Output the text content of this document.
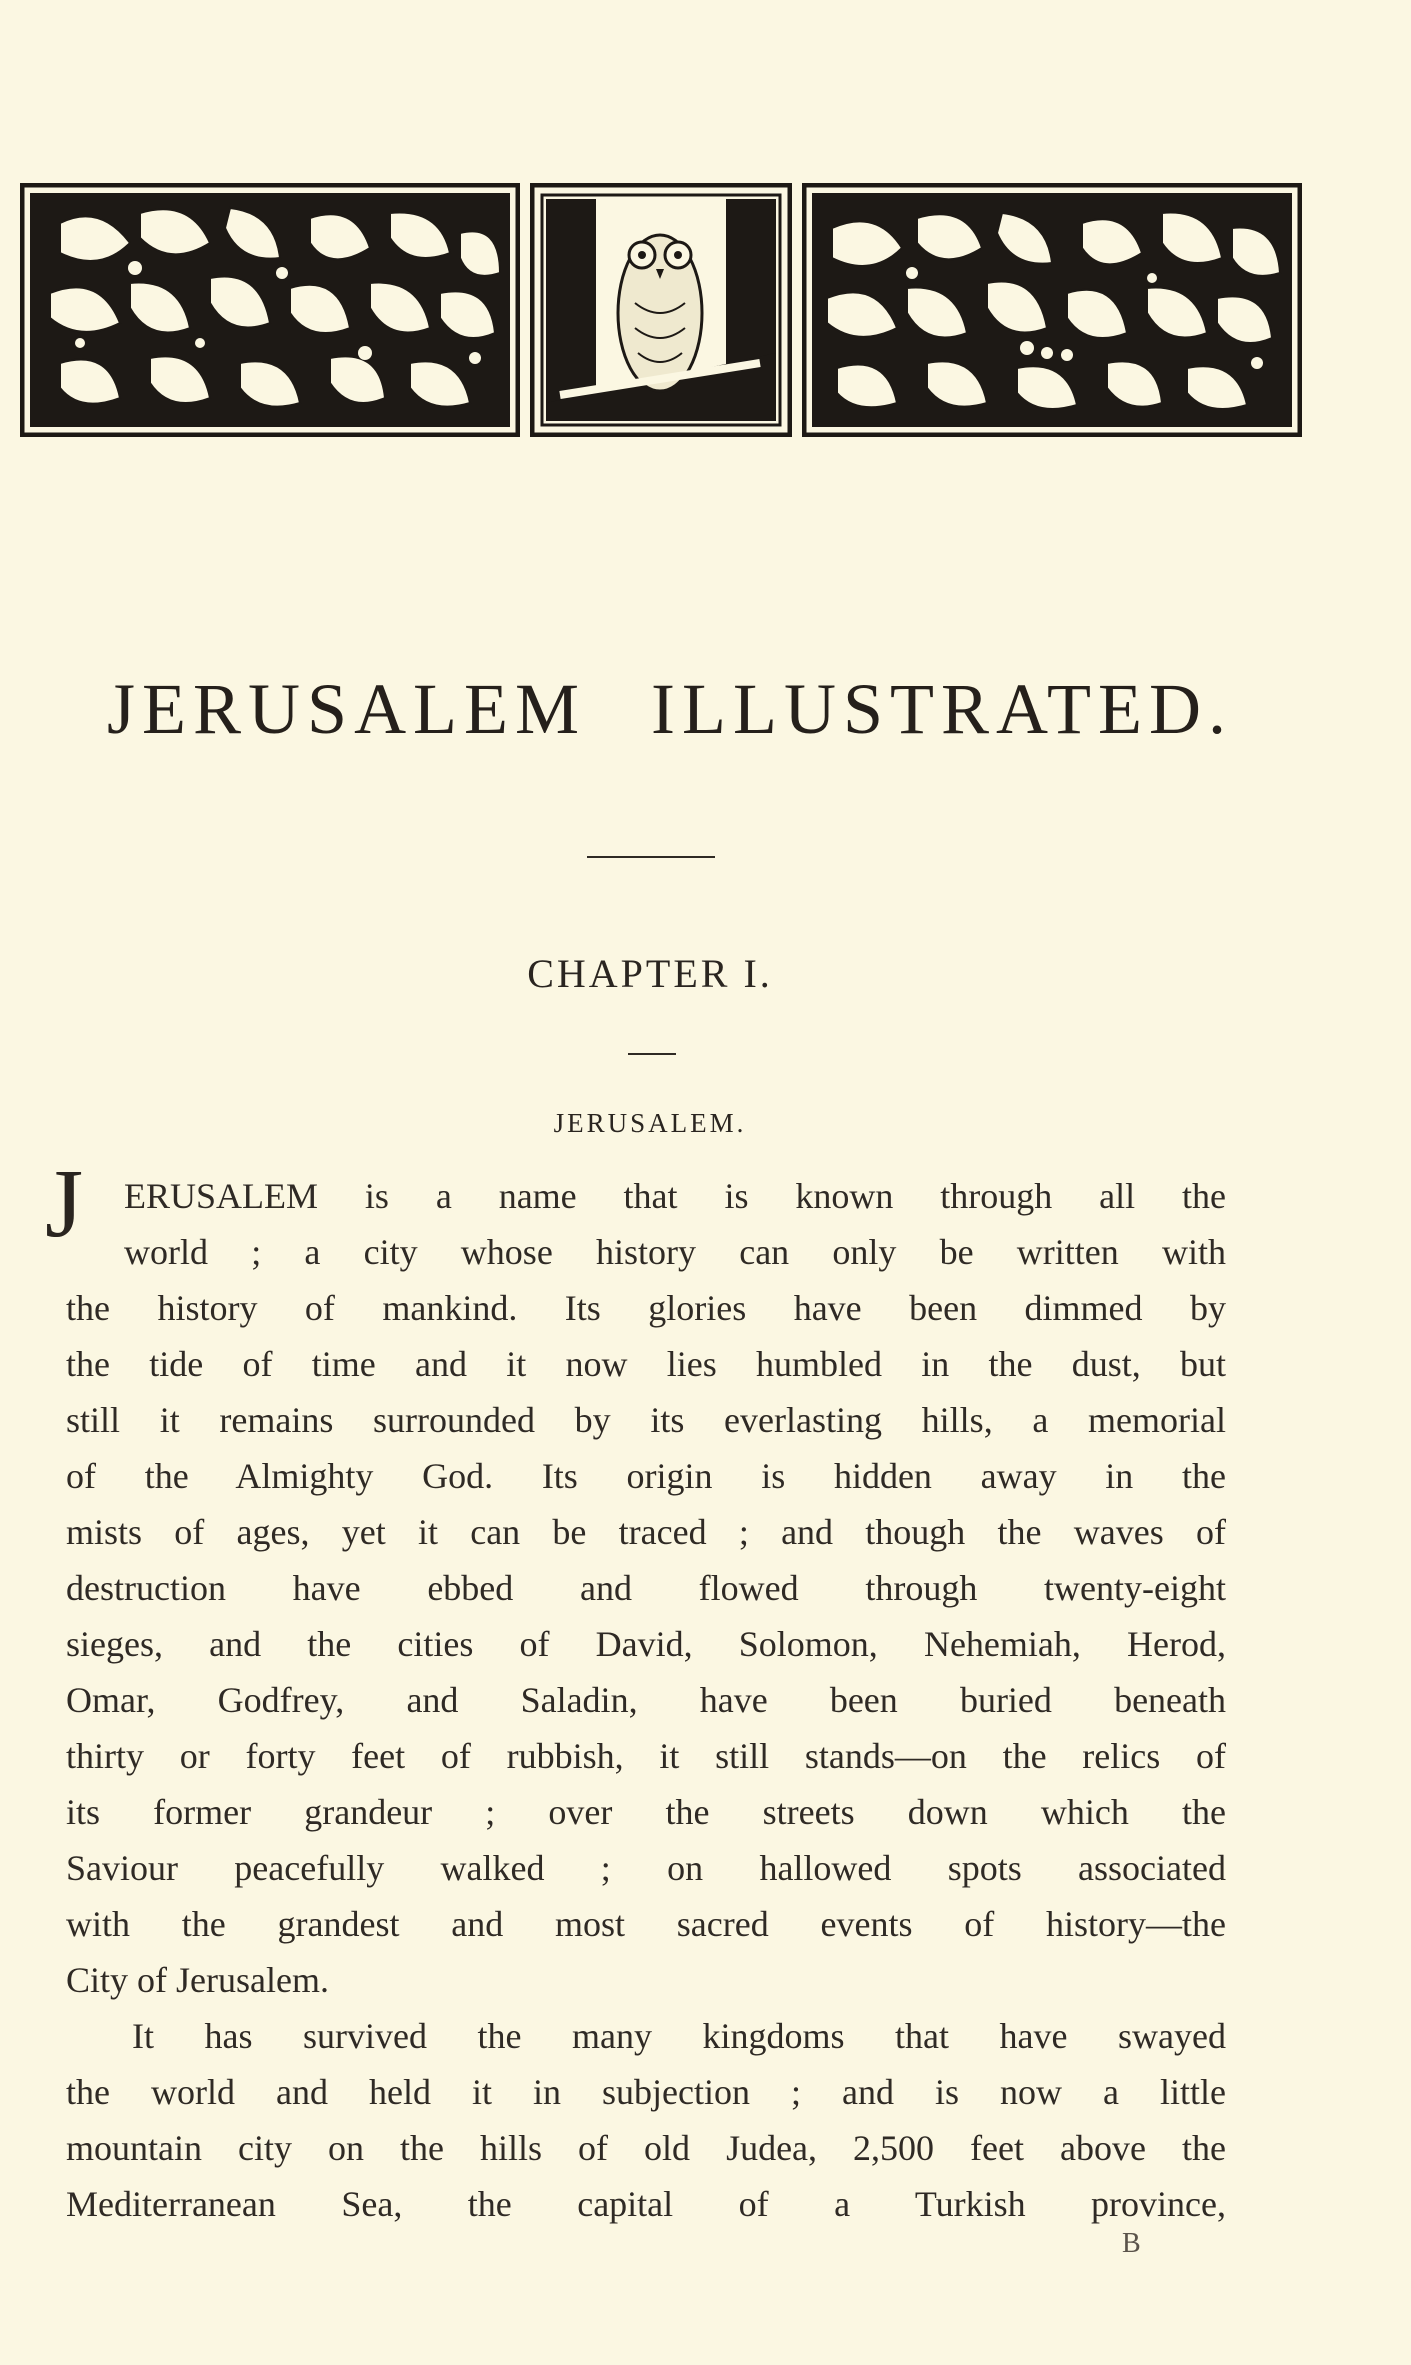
JERUSALEM ILLUSTRATED.
CHAPTER I.
JERUSALEM.
J ERUSALEM is a name that is known through all the
world ; a city whose history can only be written with
the history of mankind. Its glories have been dimmed by
the tide of time and it now lies humbled in the dust, but
still it remains surrounded by its everlasting hills, a memorial
of the Almighty God. Its origin is hidden away in the
mists of ages, yet it can be traced ; and though the waves of
destruction have ebbed and flowed through twenty-eight
sieges, and the cities of David, Solomon, Nehemiah, Herod,
Omar, Godfrey, and Saladin, have been buried beneath
thirty or forty feet of rubbish, it still stands—on the relics of
its former grandeur ; over the streets down which the
Saviour peacefully walked ; on hallowed spots associated
with the grandest and most sacred events of history—the
City of Jerusalem.
It has survived the many kingdoms that have swayed
the world and held it in subjection ; and is now a little
mountain city on the hills of old Judea, 2,500 feet above the
Mediterranean Sea, the capital of a Turkish province,
B
